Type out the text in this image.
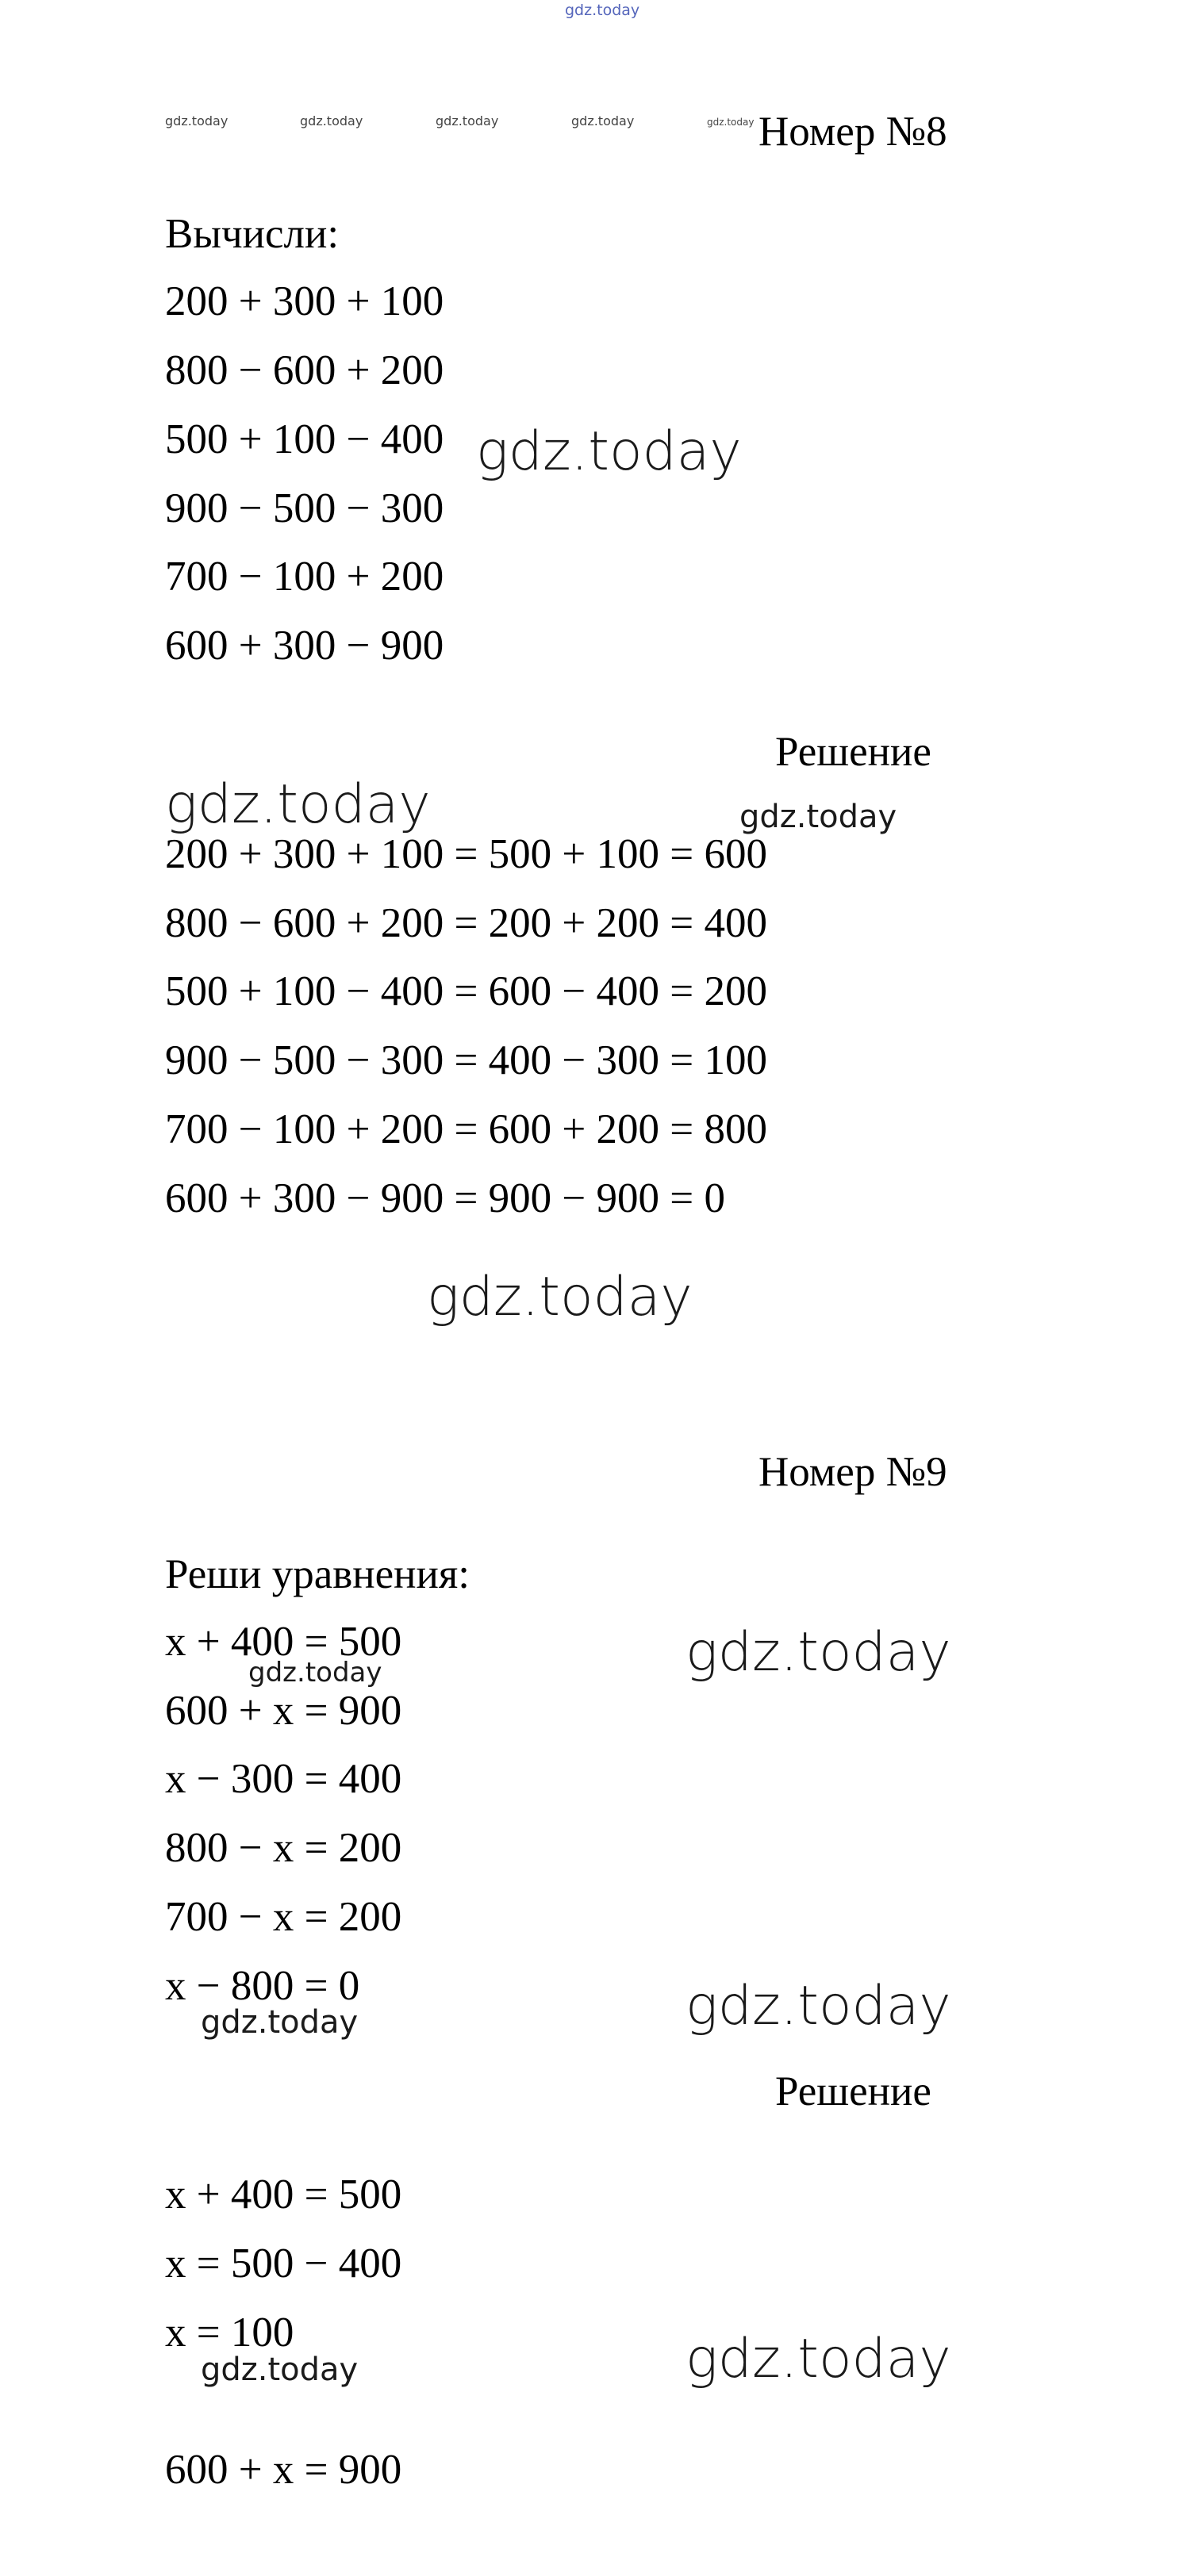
gdz.today
gdz.today	gdz.today	gdz.today	gdz.today	gdz.today Номер №8
Вычисли:
200 + 300 + 100
800 − 600 + 200
500 + 100 − 400
900 − 500 − 300
700 − 100 + 200
600 + 300 − 900
gdz.today
Решение
gdz.today	gdz.today
200 + 300 + 100 = 500 + 100 = 600
800 − 600 + 200 = 200 + 200 = 400
500 + 100 − 400 = 600 − 400 = 200
900 − 500 − 300 = 400 − 300 = 100
700 − 100 + 200 = 600 + 200 = 800
600 + 300 − 900 = 900 − 900 = 0
gdz.today
Номер №9
Реши уравнения:
x + 400 = 500
gdz.today	gdz.today
600 + x = 900
x − 300 = 400
800 − x = 200
700 − x = 200
x − 800 = 0
gdz.today	gdz.today
Решение
x + 400 = 500
x = 500 − 400
x = 100
gdz.today	gdz.today
600 + x = 900
